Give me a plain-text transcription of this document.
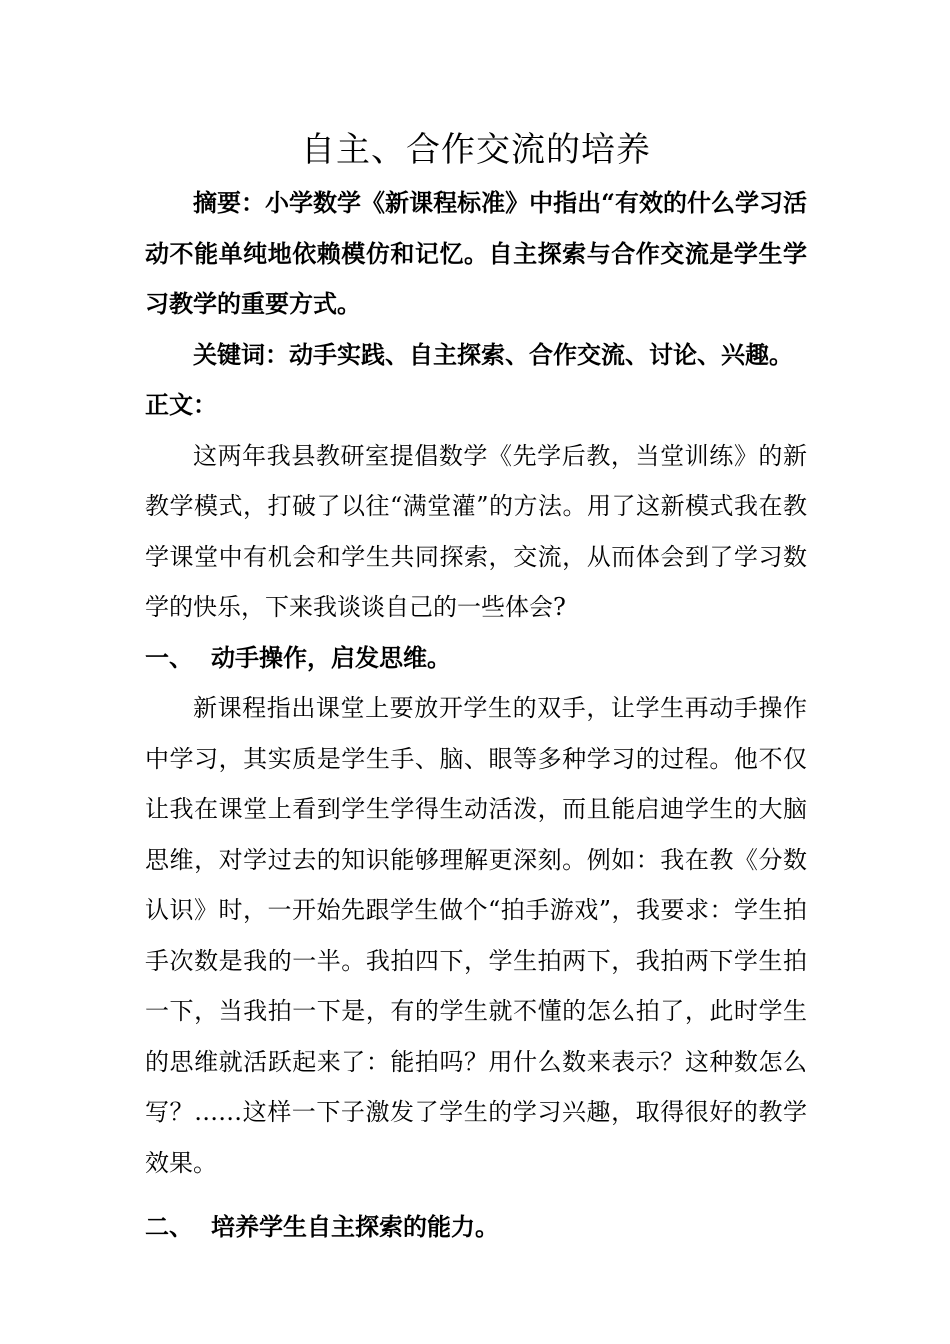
自主、合作交流的培养

摘要：小学数学《新课程标准》中指出“有效的什么学习活动不能单纯地依赖模仿和记忆。自主探索与合作交流是学生学习教学的重要方式。

关键词：动手实践、自主探索、合作交流、讨论、兴趣。

正文：

这两年我县教研室提倡数学《先学后教，当堂训练》的新教学模式，打破了以往“满堂灌”的方法。用了这新模式我在教学课堂中有机会和学生共同探索，交流，从而体会到了学习数学的快乐，下来我谈谈自己的一些体会?

一、 动手操作，启发思维。

新课程指出课堂上要放开学生的双手，让学生再动手操作中学习，其实质是学生手、脑、眼等多种学习的过程。他不仅让我在课堂上看到学生学得生动活泼，而且能启迪学生的大脑思维，对学过去的知识能够理解更深刻。例如：我在教《分数认识》时，一开始先跟学生做个“拍手游戏”，我要求：学生拍手次数是我的一半。我拍四下，学生拍两下，我拍两下学生拍一下，当我拍一下是，有的学生就不懂的怎么拍了，此时学生的思维就活跃起来了：能拍吗？用什么数来表示？这种数怎么写？……这样一下子激发了学生的学习兴趣，取得很好的教学效果。

二、 培养学生自主探索的能力。
